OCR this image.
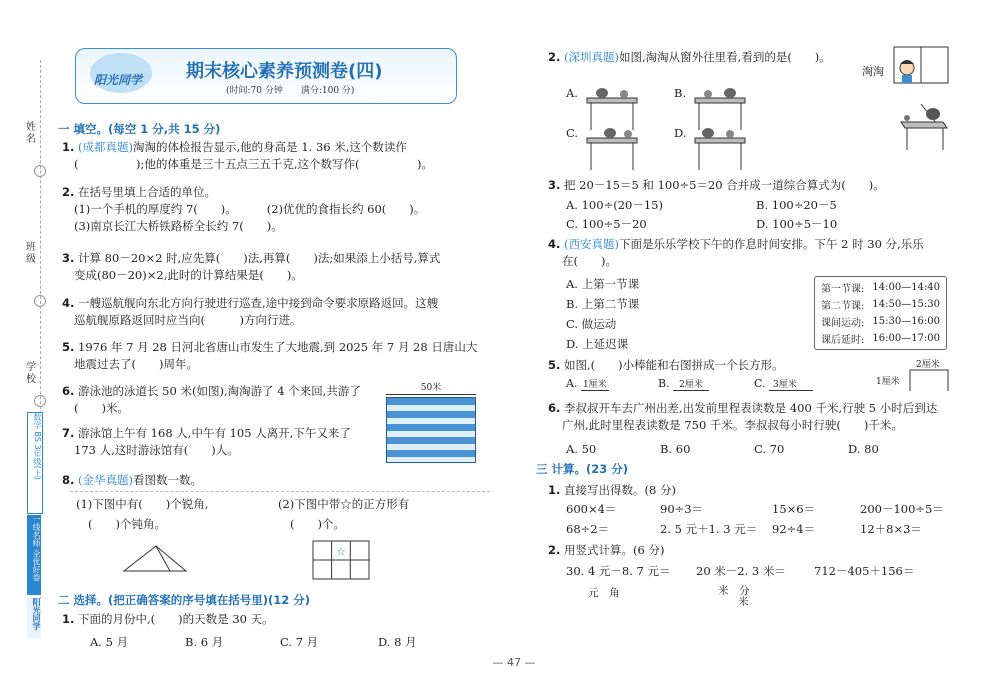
姓名
班级
学校
数学 BS 3年级(上)
一线名师 全优好卷
阳光同学
阳光同学 期末核心素养预测卷(四)
(时间:70 分钟　　满分:100 分)
一 填空。(每空 1 分,共 15 分)
1. (成都真题)淘淘的体检报告显示,他的身高是 1. 36 米,这个数读作
(　　　　　);他的体重是三十五点三五千克,这个数写作(　　　　　)。
2. 在括号里填上合适的单位。
(1)一个手机的厚度约 7(　　)。	(2)优优的食指长约 60(　　)。
(3)南京长江大桥铁路桥全长约 7(　　)。
3. 计算 80－20×2 时,应先算(　　)法,再算(　　)法;如果添上小括号,算式
变成(80－20)×2,此时的计算结果是(　　)。
4. 一艘巡航舰向东北方向行驶进行巡查,途中接到命令要求原路返回。这艘
巡航舰原路返回时应当向(　　　)方向行进。
5. 1976 年 7 月 28 日河北省唐山市发生了大地震,到 2025 年 7 月 28 日唐山大
地震过去了(　　)周年。
6. 游泳池的泳道长 50 米(如图),淘淘游了 4 个来回,共游了
(　　)米。
50米
7. 游泳馆上午有 168 人,中午有 105 人离开,下午又来了
173 人,这时游泳馆有(　　)人。
8. (金华真题)看图数一数。
(1)下图中有(　　)个锐角,
(　　)个钝角。
(2)下图中带☆的正方形有
(　　)个。
☆
二 选择。(把正确答案的序号填在括号里)(12 分)
1. 下面的月份中,(　　)的天数是 30 天。
A. 5 月	B. 6 月	C. 7 月	D. 8 月
2. (深圳真题)如图,淘淘从窗外往里看,看到的是(　　)。
淘淘
A.	B.
C.	D.
3. 把 20－15＝5 和 100÷5＝20 合并成一道综合算式为(　　)。
A. 100÷(20－15)	B. 100÷20－5
C. 100÷5－20	D. 100÷5－10
4. (西安真题)下面是乐乐学校下午的作息时间安排。下午 2 时 30 分,乐乐
在(　　)。
A. 上第一节课
B. 上第二节课
C. 做运动
D. 上延迟课
第一节课:	14:00—14:40
第二节课:	14:50—15:30
课间运动:	15:30—16:00
课后延时:	16:00—17:00
5. 如图,(　　)小棒能和右图拼成一个长方形。
A. 1厘米	B. 2厘米	C. 3厘米
2厘米
1厘米
6. 李叔叔开车去广州出差,出发前里程表读数是 400 千米,行驶 5 小时后到达
广州,此时里程表读数是 750 千米。李叔叔每小时行驶(　　)千米。
A. 50	B. 60	C. 70	D. 80
三 计算。(23 分)
1. 直接写出得数。(8 分)
600×4＝	90÷3＝	15×6＝	200－100÷5＝
68÷2＝	2. 5 元＋1. 3 元＝ 92÷4＝	12＋8×3＝
2. 用竖式计算。(6 分)
30. 4 元－8. 7 元＝ 20 米－2. 3 米＝ 712－405＋156＝
元　角	米　分
米
— 47 —
